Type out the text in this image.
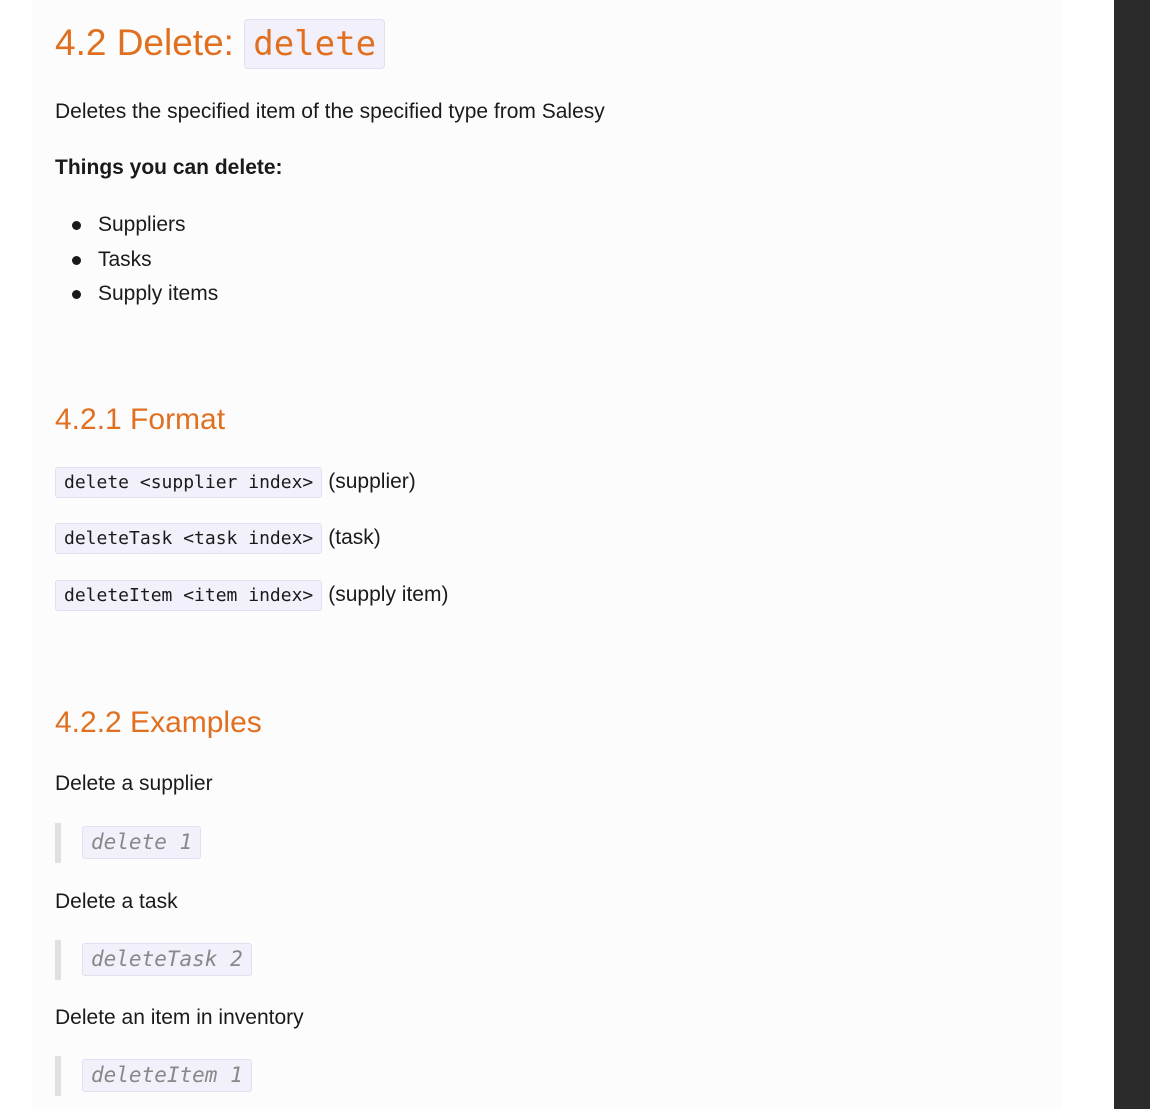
4.2 Delete: delete
Deletes the specified item of the specified type from Salesy
Things you can delete:
Suppliers
Tasks
Supply items
4.2.1 Format
delete <supplier index> (supplier)
deleteTask <task index> (task)
deleteItem <item index> (supply item)
4.2.2 Examples
Delete a supplier
delete 1
Delete a task
deleteTask 2
Delete an item in inventory
deleteItem 1
